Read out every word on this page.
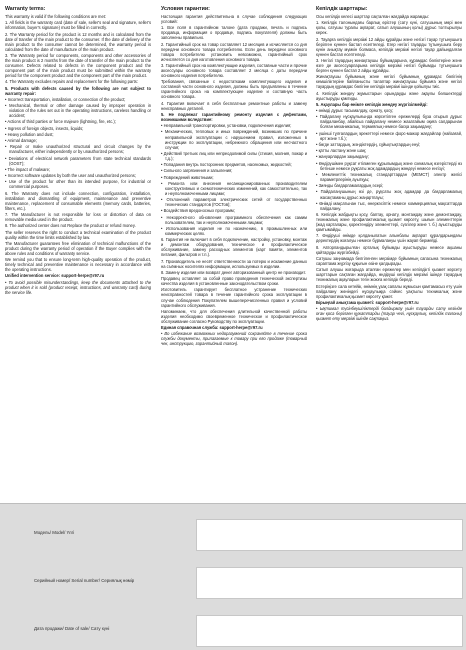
Warranty terms:

This warranty is valid if the following conditions are met:

1. All fields in the warranty card (date of sale, seller's seal and signature, seller's information, buyer's signature) must be filled in correctly.

2. The Warranty period for the product is 12 months and is calculated from the date of transfer of the main product to the consumer. If the date of delivery of the main product to the consumer cannot be determined, the warranty period is calculated from the date of manufacture of the main product.

3. The Warranty period for components, components and other accessories of the main product is 2 months from the date of transfer of the main product to the consumer. Defects related to defects in the component product and the component part of the main product must be submitted within the warranty period for the component product and the component part of the main product.

4. The Warranty excludes repairs and replacement for the following parts:

5. Products with defects caused by the following are not subject to warranty repair:

• Incorrect transportation, installation, or connection of the product;

• Mechanical, thermal or other damage caused by improper operation in violation of the rules set out in the operating instructions, careless handling or accident;

• Actions of third parties or force majeure (lightning, fire, etc.);

• Ingress of foreign objects, insects, liquids;

• Heavy pollution and dust;

• Animal damage;

• Repair or make unauthorized structural and circuit changes by the manufacturer, either independently or by unauthorized persons;

• Deviations of electrical network parameters from state technical standards (GOST);

• The impact of malware;

• Incorrect software updates by both the user and unauthorized persons;

• Use of the product for other than its intended purpose, for industrial or commercial purposes.

6. The Warranty does not include connection, configuration, installation, installation and dismantling of equipment, maintenance and preventive maintenance, replacement of consumable elements (memory cards, batteries, filters, etc.).

7. The Manufacturer is not responsible for loss or distortion of data on removable media used in the product.

8. The authorized center does not Replace the product or refund money.

The seller reserves the right to conduct a technical examination of the product quality within the time limits established by law.

The Manufacturer guarantees free elimination of technical malfunctions of the product during the warranty period of operation if the Buyer complies with the above rules and conditions of warranty service.

We remind you that to ensure long-term high-quality operation of the product, timely technical and preventive maintenance is necessary in accordance with the operating instructions.

Unified intervention service: support-herpe@r97.ru

• To avoid possible misunderstandings, keep the documents attached to the product when it is sold (product receipt, instructions, and warranty card) during the service life.

Условия гарантии:

Настоящая гарантия действительна в случае соблюдения следующих условий:

1. Все поля в гарантийном талоне (дата продажи, печать и подпись продавца, информация о продавце, подпись покупателя) должны быть заполнены правильно.

2. Гарантийный срок на товар составляет 12 месяцев и исчисляется со дня передачи основного товара потребителю. Если день передачи основного товара потребителю установить невозможно, гарантийный срок исчисляется со дня изготовления основного товара.

3. Гарантийный срок на комплектующие изделия, составные части и прочие аксессуары основного товара составляет 2 месяца с даты передачи основного изделия потребителю.

Требования, связанные с недостатками комплектующего изделия и составной части основного изделия, должны быть предъявлены в течение гарантийного срока на комплектующее изделие и составную часть основного товара.

4. Гарантия включает в себя бесплатные ремонтные работы и замену неисправных деталей.

5. Не подлежат гарантийному ремонту изделия с дефектами, возникшими вследствие:

• Неправильной транспортировки, установки, подключения изделия;

• Механических, тепловых и иных повреждений, возникших по причине неправильной эксплуатации с нарушением правил, изложенных в инструкции по эксплуатации, небрежного обращения или несчастного случая;

• Действий третьих лиц или непреодолимой силы (стихия, молния, пожар и т.д.);

• Попадания внутрь посторонних предметов, насекомых, жидкостей;

• Сильного загрязнения и запыления;

• Повреждений животными;

• Ремонта или внесения несанкционированных производителем конструктивных и схемотехнических изменений, как самостоятельно, так и неуполномоченными лицами;

• Отклонений параметров электрических сетей от государственных технических стандартов (ГОСТов);

• Воздействия вредоносных программ;

• Некорректного обновления программного обеспечения как самим пользователем, так и неуполномоченными лицами;

• Использования изделия не по назначению, в промышленных или коммерческих целях.

6. Гарантия не включает в себя подключение, настройку, установку, монтаж и демонтаж оборудования, техническое и профилактическое обслуживание, замену расходных элементов (карт памяти, элементов питания, фильтров и т.п.).

7. Производитель не несёт ответственности за потерю и искажение данных на съёмных носителях информации, используемых в изделии.

8. Замену изделия или возврат денег авторизованный центр не производит.

Продавец оставляет за собой право проведения технической экспертизы качества изделия в установленные законодательством сроки.

Изготовитель гарантирует бесплатное устранение технических неисправностей товара в течение гарантийного срока эксплуатации в случае соблюдения Покупателем вышеперечисленных правил и условий гарантийного обслуживания.

Напоминаем, что для обеспечения длительной качественной работы изделия необходимо своевременное техническое и профилактическое обслуживание согласно Руководству по эксплуатации.

Единая справочная служба: support-herpe@r97.ru

• Во избежание возможных недоразумений сохраняйте в течение срока службы документы, прилагаемые к товару при его продаже (товарный чек, инструкцию, гарантийный талон).

Кепілдік шарттары:

Осы кепілдік келесі шарттар сақталған жағдайда жарамды:

1. Кепілдік талонындағы барлық өрістер (сату күні, сатушының мөрі мен қолы, сатушы туралы ақпарат, сатып алушының қолы) дұрыс толтырылуы керек.

2. Тауарға кепілдік мерзімі 12 айды құрайды және негізгі тауар тұтынушыға берілген күннен бастап есептеледі. Егер негізгі тауарды тұтынушыға беру күнін анықтау мүмкін болмаса, кепілдік мерзімі негізгі тауар дайындалған күннен бастап есептеледі.

3. Негізгі тауардың жинақтаушы бұйымдарына, құрамдас бөліктеріне және өзге де аксессуарларына кепілдік мерзімі негізгі бұйымды тұтынушыға берген күннен бастап 2 айды құрайды.

Жинақтаушы бұйымның және негізгі бұйымның құрамдас бөлігінің кемшіліктеріне байланысты талаптар жинақтаушы бұйымға және негізгі тауардың құрамдас бөлігіне кепілдік мерзімі ішінде қойылуы тиіс.

4. Кепілдік жөндеу жұмыстарын орындауды және ақаулы бөлшектерді ауыстыруды қамтиды.

5. Ақаулары бар өнімге кепілдік жөндеу жүргізілмейді:

• өнімді дұрыс тасымалдау, орнату, қосу;

• Пайдалану нұсқаулығында көрсетілген ережелерді бұза отырып дұрыс пайдаланбау, абайсыз пайдалану немесе жазатайым оқиға салдарынан болған механикалық, термиялық немесе басқа зақымдану;

• үшінші тұлғалардың әрекеттері немесе форс-мажор жағдайлар (найзағай, өрт және т.б.);

• бөгде заттардың, жәндіктердің, сұйықтықтардың енуі;

• қатты ластану және шаң;

• жануарлардан зақымдану;

• Өндірушімен рұқсат етілмеген құрылымдық және схемалық өзгерістерді өз бетінше немесе рұқсаты жоқ адамдардың жөндеуі немесе енгізуі;

• Мемлекеттік техникалық стандарттардан (МЕМСТ) электр желісі параметрлерінің ауытқуы;

• Зиянды бағдарламалардың әсері;

• Пайдаланушының өзі де, рұқсаты жоқ адамдар да бағдарламалық жасақтаманы дұрыс жаңартпауы;

• Өнімді мақсатынан тыс, өнеркәсіптік немесе коммерциялық мақсаттарда пайдалану.

6. Кепілдік жабдықты қосу, баптау, орнату, монтаждау және демонтаждау, техникалық және профилактикалық қызмет көрсету, шығын элементтерін (жад карталары, қоректендіру элементтері, сүзгілер және т. б.) ауыстыруды қамтымайды.

7. Өндіруші өнімде қолданылатын алынбалы ақпарат құралдарындағы деректердің жоғалуы немесе бұрмалануы үшін жауап бермейді.

8. Авторландырылған орталық бұйымды ауыстыруды немесе ақшаны қайтаруды жүргізбейді.

Сатушы заңнамада белгіленген мерзімде бұйымның сапасына техникалық сараптама жүргізу құқығын өзіне қалдырады.

Сатып алушы жоғарыда аталған ережелер мен кепілдікті қызмет көрсету шарттарын сақтаған жағдайда, өндіруші кепілдік мерзімі ішінде тауардың техникалық ақауларын тегін жоюға кепілдік береді.

Естеріңізге сала кетейік, өнімнің ұзақ сапалы жұмысын қамтамасыз ету үшін пайдалану жөніндегі нұсқаулыққа сәйкес уақтылы техникалық және профилактикалық қызмет көрсету қажет.

Бірыңғай анықтама қызметі: support-herpe@r97.ru

• Ықтимал түсінбеушіліктерді болдырмау үшін тауарды сату кезінде оған қоса берілген құжаттарды (тауар чегі, нұсқаулық, кепілдік талоны) қызмет ету мерзімі ішінде сақтаңыз.

Модель/ Model/ Үлгі
Серийный номер/ Serial number/ Сериялық нөмір
Дата продажи/ Date of sale/ Сату күні
